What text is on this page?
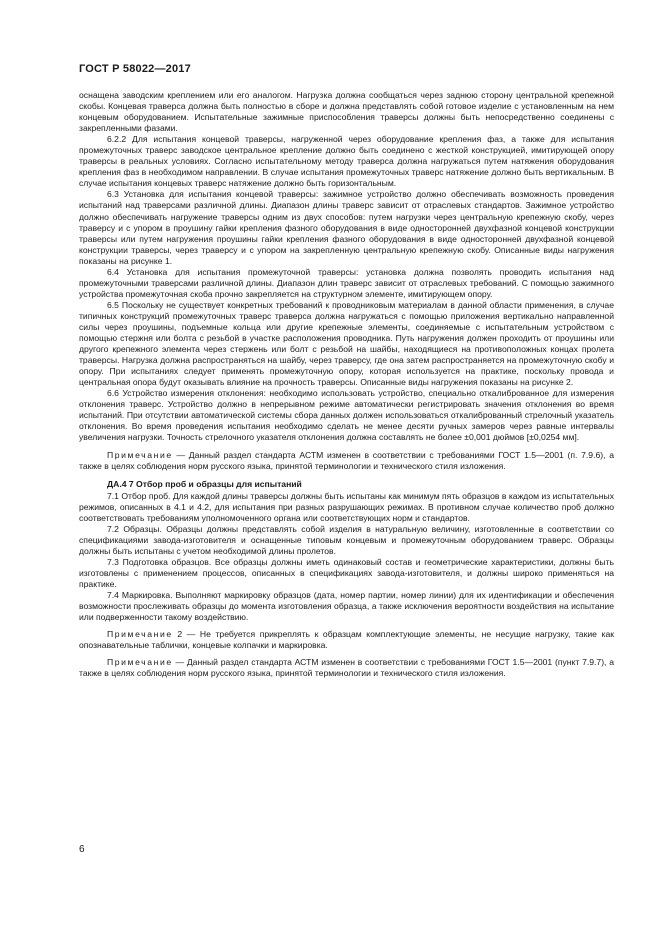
ГОСТ Р 58022—2017

оснащена заводским креплением или его аналогом. Нагрузка должна сообщаться через заднюю сторону центральной крепежной скобы. Концевая траверса должна быть полностью в сборе и должна представлять собой готовое изделие с установленным на нем концевым оборудованием. Испытательные зажимные приспособления траверсы должны быть непосредственно соединены с закрепленными фазами.

6.2.2 Для испытания концевой траверсы, нагруженной через оборудование крепления фаз, а также для испытания промежуточных траверс заводское центральное крепление должно быть соединено с жесткой конструкцией, имитирующей опору траверсы в реальных условиях. Согласно испытательному методу траверса должна нагружаться путем натяжения оборудования крепления фаз в необходимом направлении. В случае испытания промежуточных траверс натяжение должно быть вертикальным. В случае испытания концевых траверс натяжение должно быть горизонтальным.

6.3 Установка для испытания концевой траверсы: зажимное устройство должно обеспечивать возможность проведения испытаний над траверсами различной длины. Диапазон длины траверс зависит от отраслевых стандартов. Зажимное устройство должно обеспечивать нагружение траверсы одним из двух способов: путем нагрузки через центральную крепежную скобу, через траверсу и с упором в проушину гайки крепления фазного оборудования в виде односторонней двухфазной концевой конструкции траверсы или путем нагружения проушины гайки крепления фазного оборудования в виде односторонней двухфазной концевой конструкции траверсы, через траверсу и с упором на закрепленную центральную крепежную скобу. Описанные виды нагружения показаны на рисунке 1.

6.4 Установка для испытания промежуточной траверсы: установка должна позволять проводить испытания над промежуточными траверсами различной длины. Диапазон длин траверс зависит от отраслевых требований. С помощью зажимного устройства промежуточная скоба прочно закрепляется на структурном элементе, имитирующем опору.

6.5 Поскольку не существует конкретных требований к проводниковым материалам в данной области применения, в случае типичных конструкций промежуточных траверс траверса должна нагружаться с помощью приложения вертикально направленной силы через проушины, подъемные кольца или другие крепежные элементы, соединяемые с испытательным устройством с помощью стержня или болта с резьбой в участке расположения проводника. Путь нагружения должен проходить от проушины или другого крепежного элемента через стержень или болт с резьбой на шайбы, находящиеся на противоположных концах пролета траверсы. Нагрузка должна распространяться на шайбу, через траверсу, где она затем распространяется на промежуточную скобу и опору. При испытаниях следует применять промежуточную опору, которая используется на практике, поскольку провода и центральная опора будут оказывать влияние на прочность траверсы. Описанные виды нагружения показаны на рисунке 2.

6.6 Устройство измерения отклонения: необходимо использовать устройство, специально откалиброванное для измерения отклонения траверс. Устройство должно в непрерывном режиме автоматически регистрировать значения отклонения во время испытаний. При отсутствии автоматической системы сбора данных должен использоваться откалиброванный стрелочный указатель отклонения. Во время проведения испытания необходимо сделать не менее десяти ручных замеров через равные интервалы увеличения нагрузки. Точность стрелочного указателя отклонения должна составлять не более ±0,001 дюймов [±0,0254 мм].

Примечание — Данный раздел стандарта АСТМ изменен в соответствии с требованиями ГОСТ 1.5—2001 (п. 7.9.6), а также в целях соблюдения норм русского языка, принятой терминологии и технического стиля изложения.

ДА.4 7 Отбор проб и образцы для испытаний

7.1 Отбор проб. Для каждой длины траверсы должны быть испытаны как минимум пять образцов в каждом из испытательных режимов, описанных в 4.1 и 4.2, для испытания при разных разрушающих режимах. В противном случае количество проб должно соответствовать требованиям уполномоченного органа или соответствующих норм и стандартов.

7.2 Образцы. Образцы должны представлять собой изделия в натуральную величину, изготовленные в соответствии со спецификациями завода-изготовителя и оснащенные типовым концевым и промежуточным оборудованием траверс. Образцы должны быть испытаны с учетом необходимой длины пролетов.

7.3 Подготовка образцов. Все образцы должны иметь одинаковый состав и геометрические характеристики, должны быть изготовлены с применением процессов, описанных в спецификациях завода-изготовителя, и должны широко применяться на практике.

7.4 Маркировка. Выполняют маркировку образцов (дата, номер партии, номер линии) для их идентификации и обеспечения возможности прослеживать образцы до момента изготовления образца, а также исключения вероятности воздействия на испытание или подверженности такому воздействию.

Примечание 2 — Не требуется прикреплять к образцам комплектующие элементы, не несущие нагрузку, такие как опознавательные таблички, концевые колпачки и маркировка.

Примечание — Данный раздел стандарта АСТМ изменен в соответствии с требованиями ГОСТ 1.5—2001 (пункт 7.9.7), а также в целях соблюдения норм русского языка, принятой терминологии и технического стиля изложения.

6
